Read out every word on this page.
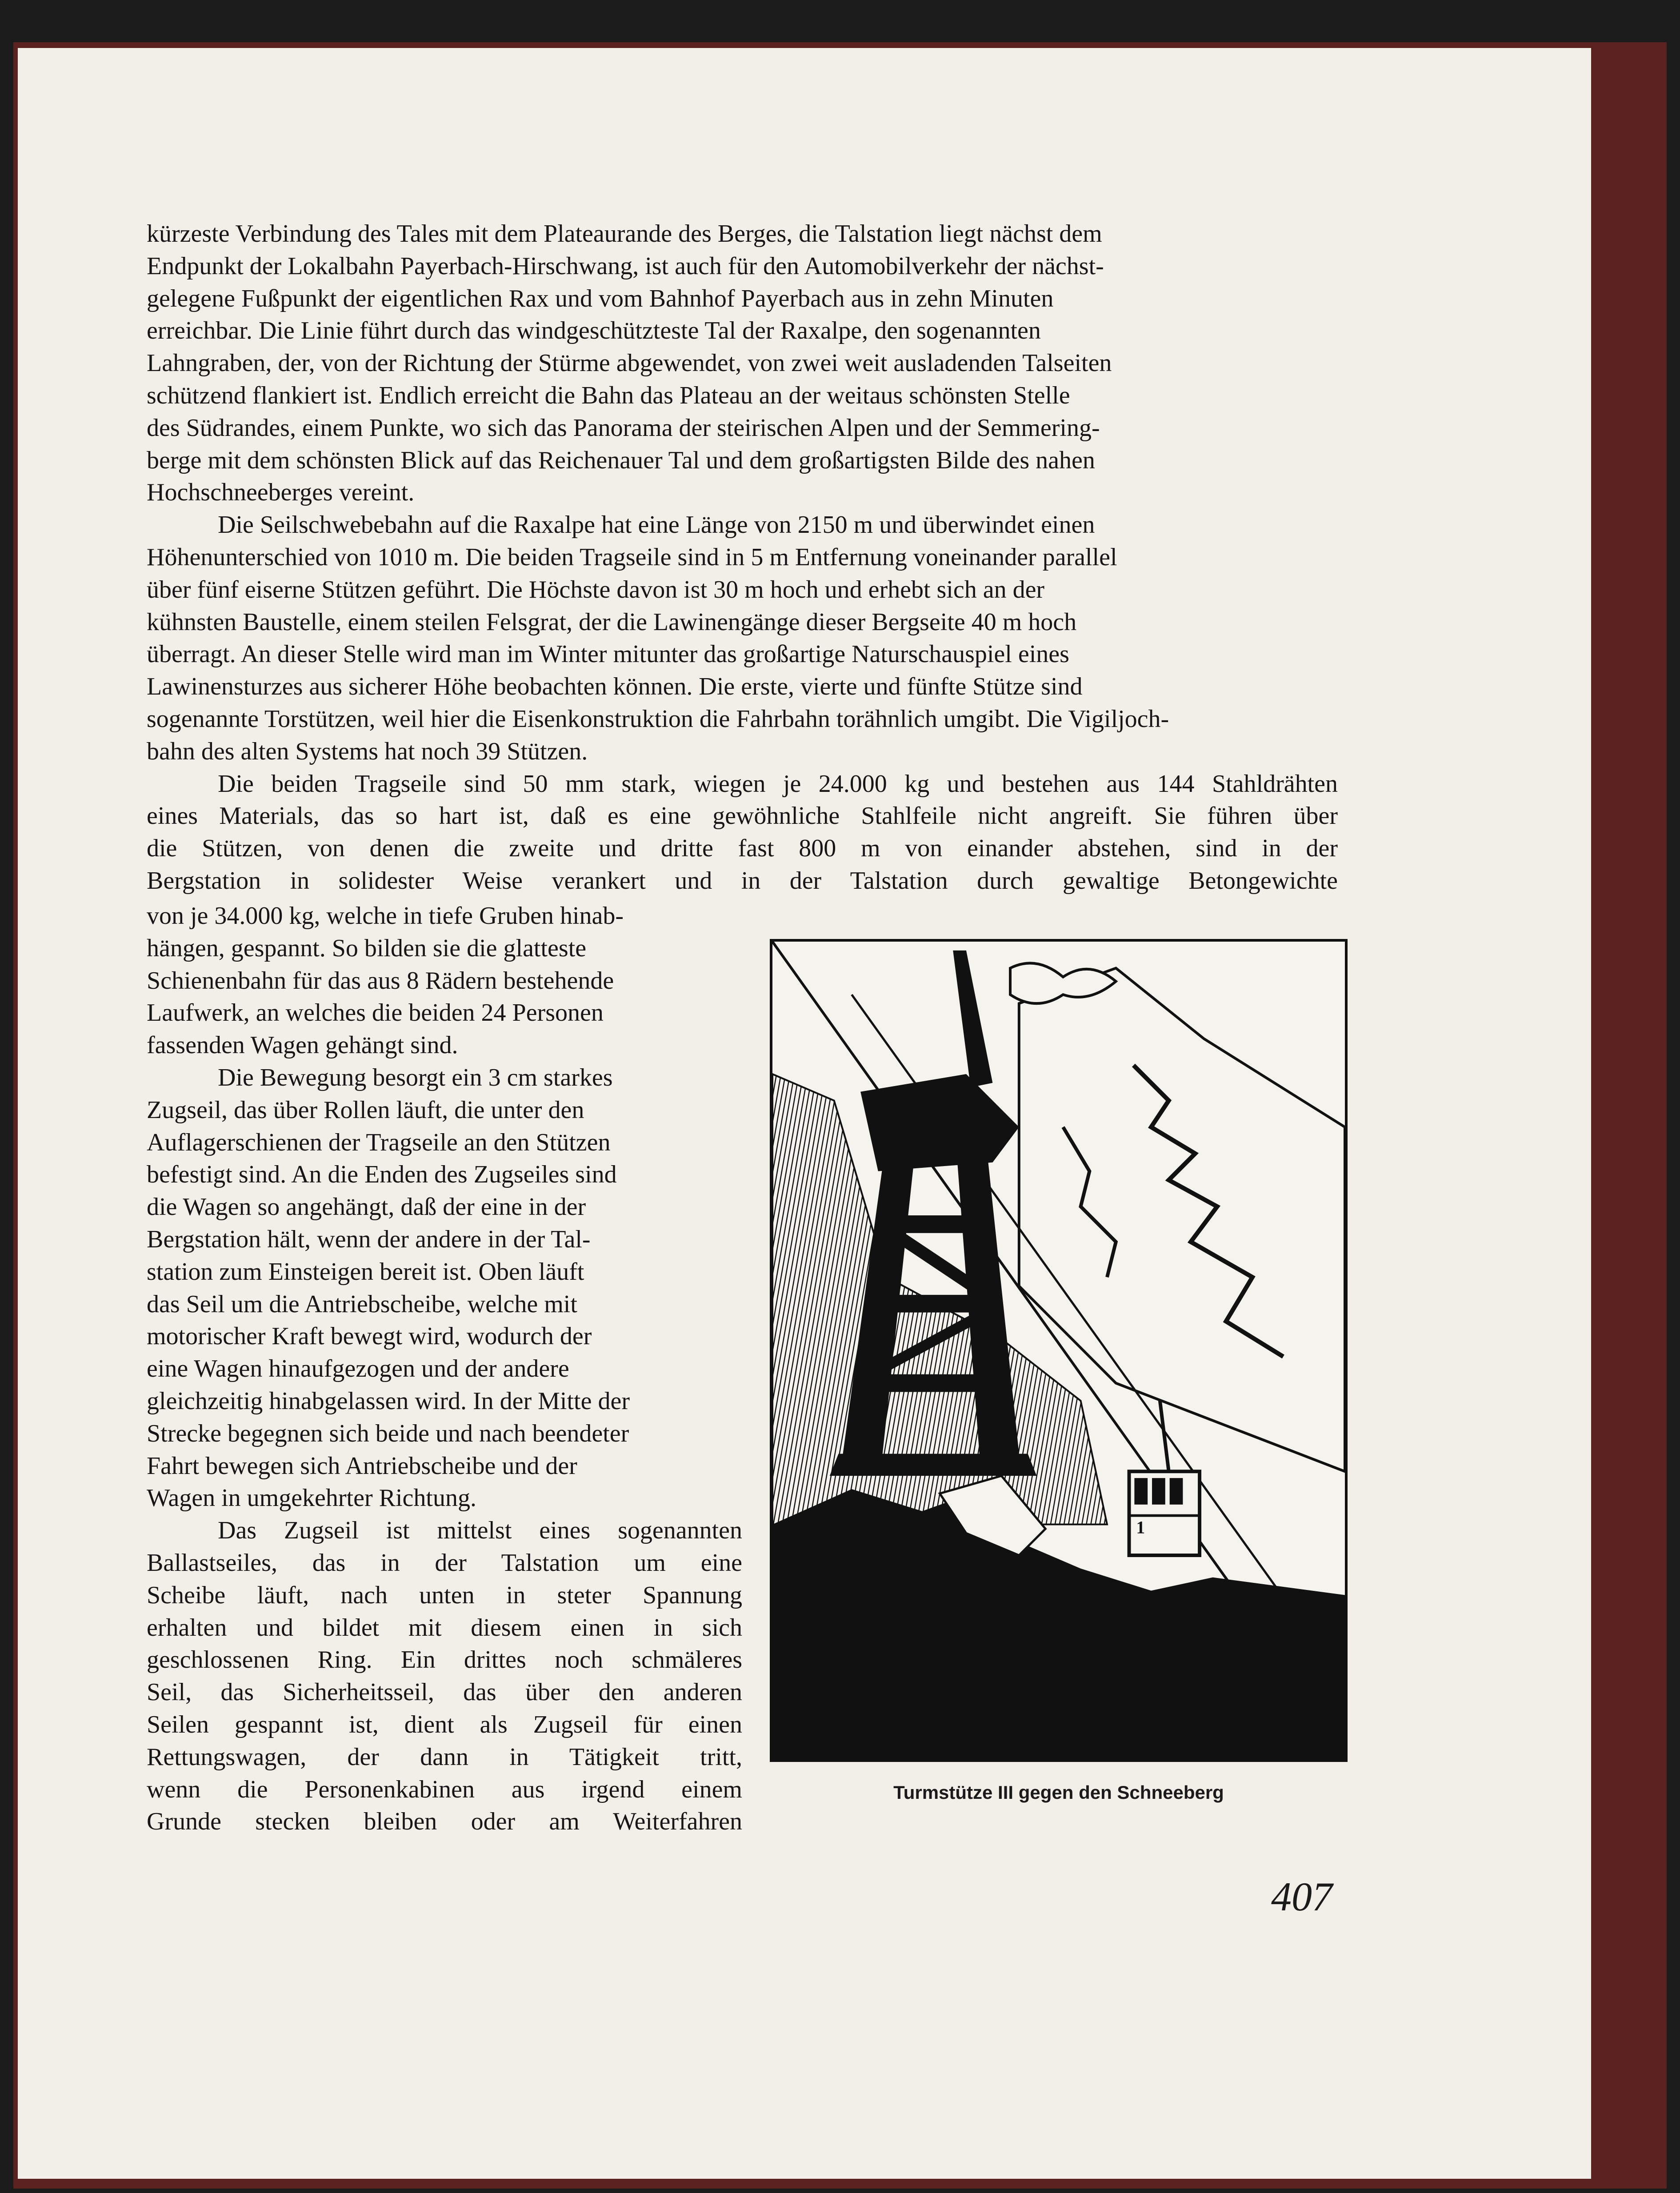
kürzeste Verbindung des Tales mit dem Plateaurande des Berges, die Talstation liegt nächst dem
Endpunkt der Lokalbahn Payerbach-Hirschwang, ist auch für den Automobilverkehr der nächst-
gelegene Fußpunkt der eigentlichen Rax und vom Bahnhof Payerbach aus in zehn Minuten
erreichbar. Die Linie führt durch das windgeschützteste Tal der Raxalpe, den sogenannten
Lahngraben, der, von der Richtung der Stürme abgewendet, von zwei weit ausladenden Talseiten
schützend flankiert ist. Endlich erreicht die Bahn das Plateau an der weitaus schönsten Stelle
des Südrandes, einem Punkte, wo sich das Panorama der steirischen Alpen und der Semmering-
berge mit dem schönsten Blick auf das Reichenauer Tal und dem großartigsten Bilde des nahen
Hochschneeberges vereint.

Die Seilschwebebahn auf die Raxalpe hat eine Länge von 2150 m und überwindet einen
Höhenunterschied von 1010 m. Die beiden Tragseile sind in 5 m Entfernung voneinander parallel
über fünf eiserne Stützen geführt. Die Höchste davon ist 30 m hoch und erhebt sich an der
kühnsten Baustelle, einem steilen Felsgrat, der die Lawinengänge dieser Bergseite 40 m hoch
überragt. An dieser Stelle wird man im Winter mitunter das großartige Naturschauspiel eines
Lawinensturzes aus sicherer Höhe beobachten können. Die erste, vierte und fünfte Stütze sind
sogenannte Torstützen, weil hier die Eisenkonstruktion die Fahrbahn torähnlich umgibt. Die Vigiljoch-
bahn des alten Systems hat noch 39 Stützen.

Die beiden Tragseile sind 50 mm stark, wiegen je 24.000 kg und bestehen aus 144 Stahldrähten
eines Materials, das so hart ist, daß es eine gewöhnliche Stahlfeile nicht angreift. Sie führen über
die Stützen, von denen die zweite und dritte fast 800 m von einander abstehen, sind in der
Bergstation in solidester Weise verankert und in der Talstation durch gewaltige Betongewichte

von je 34.000 kg, welche in tiefe Gruben hinab-
hängen, gespannt. So bilden sie die glatteste
Schienenbahn für das aus 8 Rädern bestehende
Laufwerk, an welches die beiden 24 Personen
fassenden Wagen gehängt sind.

Die Bewegung besorgt ein 3 cm starkes
Zugseil, das über Rollen läuft, die unter den
Auflagerschienen der Tragseile an den Stützen
befestigt sind. An die Enden des Zugseiles sind
die Wagen so angehängt, daß der eine in der
Bergstation hält, wenn der andere in der Tal-
station zum Einsteigen bereit ist. Oben läuft
das Seil um die Antriebscheibe, welche mit
motorischer Kraft bewegt wird, wodurch der
eine Wagen hinaufgezogen und der andere
gleichzeitig hinabgelassen wird. In der Mitte der
Strecke begegnen sich beide und nach beendeter
Fahrt bewegen sich Antriebscheibe und der
Wagen in umgekehrter Richtung.

Das Zugseil ist mittelst eines sogenannten
Ballastseiles, das in der Talstation um eine
Scheibe läuft, nach unten in steter Spannung
erhalten und bildet mit diesem einen in sich
geschlossenen Ring. Ein drittes noch schmäleres
Seil, das Sicherheitsseil, das über den anderen
Seilen gespannt ist, dient als Zugseil für einen
Rettungswagen, der dann in Tätigkeit tritt,
wenn die Personenkabinen aus irgend einem
Grunde stecken bleiben oder am Weiterfahren

1
Turmstütze III gegen den Schneeberg
407
